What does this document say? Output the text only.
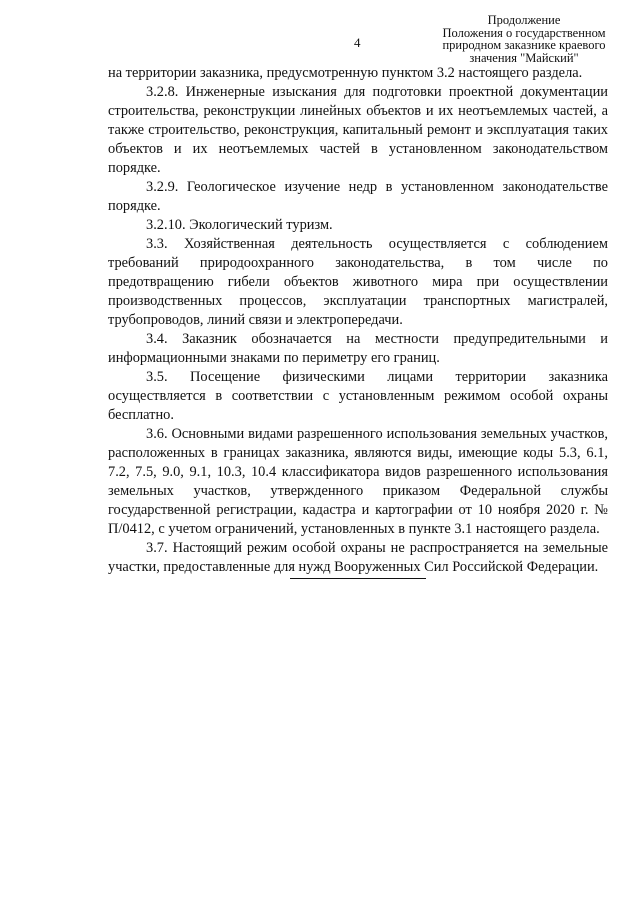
4
Продолжение
Положения о государственном
природном заказнике краевого
значения "Майский"

на территории заказника, предусмотренную пунктом 3.2 настоящего раздела.

3.2.8. Инженерные изыскания для подготовки проектной документации строительства, реконструкции линейных объектов и их неотъемлемых частей, а также строительство, реконструкция, капитальный ремонт и эксплуатация таких объектов и их неотъемлемых частей в установленном законодательством порядке.

3.2.9. Геологическое изучение недр в установленном законодательстве порядке.

3.2.10. Экологический туризм.

3.3. Хозяйственная деятельность осуществляется с соблюдением требований природоохранного законодательства, в том числе по предотвращению гибели объектов животного мира при осуществлении производственных процессов, эксплуатации транспортных магистралей, трубопроводов, линий связи и электропередачи.

3.4. Заказник обозначается на местности предупредительными и информационными знаками по периметру его границ.

3.5. Посещение физическими лицами территории заказника осуществляется в соответствии с установленным режимом особой охраны бесплатно.

3.6. Основными видами разрешенного использования земельных участков, расположенных в границах заказника, являются виды, имеющие коды 5.3, 6.1, 7.2, 7.5, 9.0, 9.1, 10.3, 10.4 классификатора видов разрешенного использования земельных участков, утвержденного приказом Федеральной службы государственной регистрации, кадастра и картографии от 10 ноября 2020 г. № П/0412, с учетом ограничений, установленных в пункте 3.1 настоящего раздела.

3.7. Настоящий режим особой охраны не распространяется на земельные участки, предоставленные для нужд Вооруженных Сил Российской Федерации.
